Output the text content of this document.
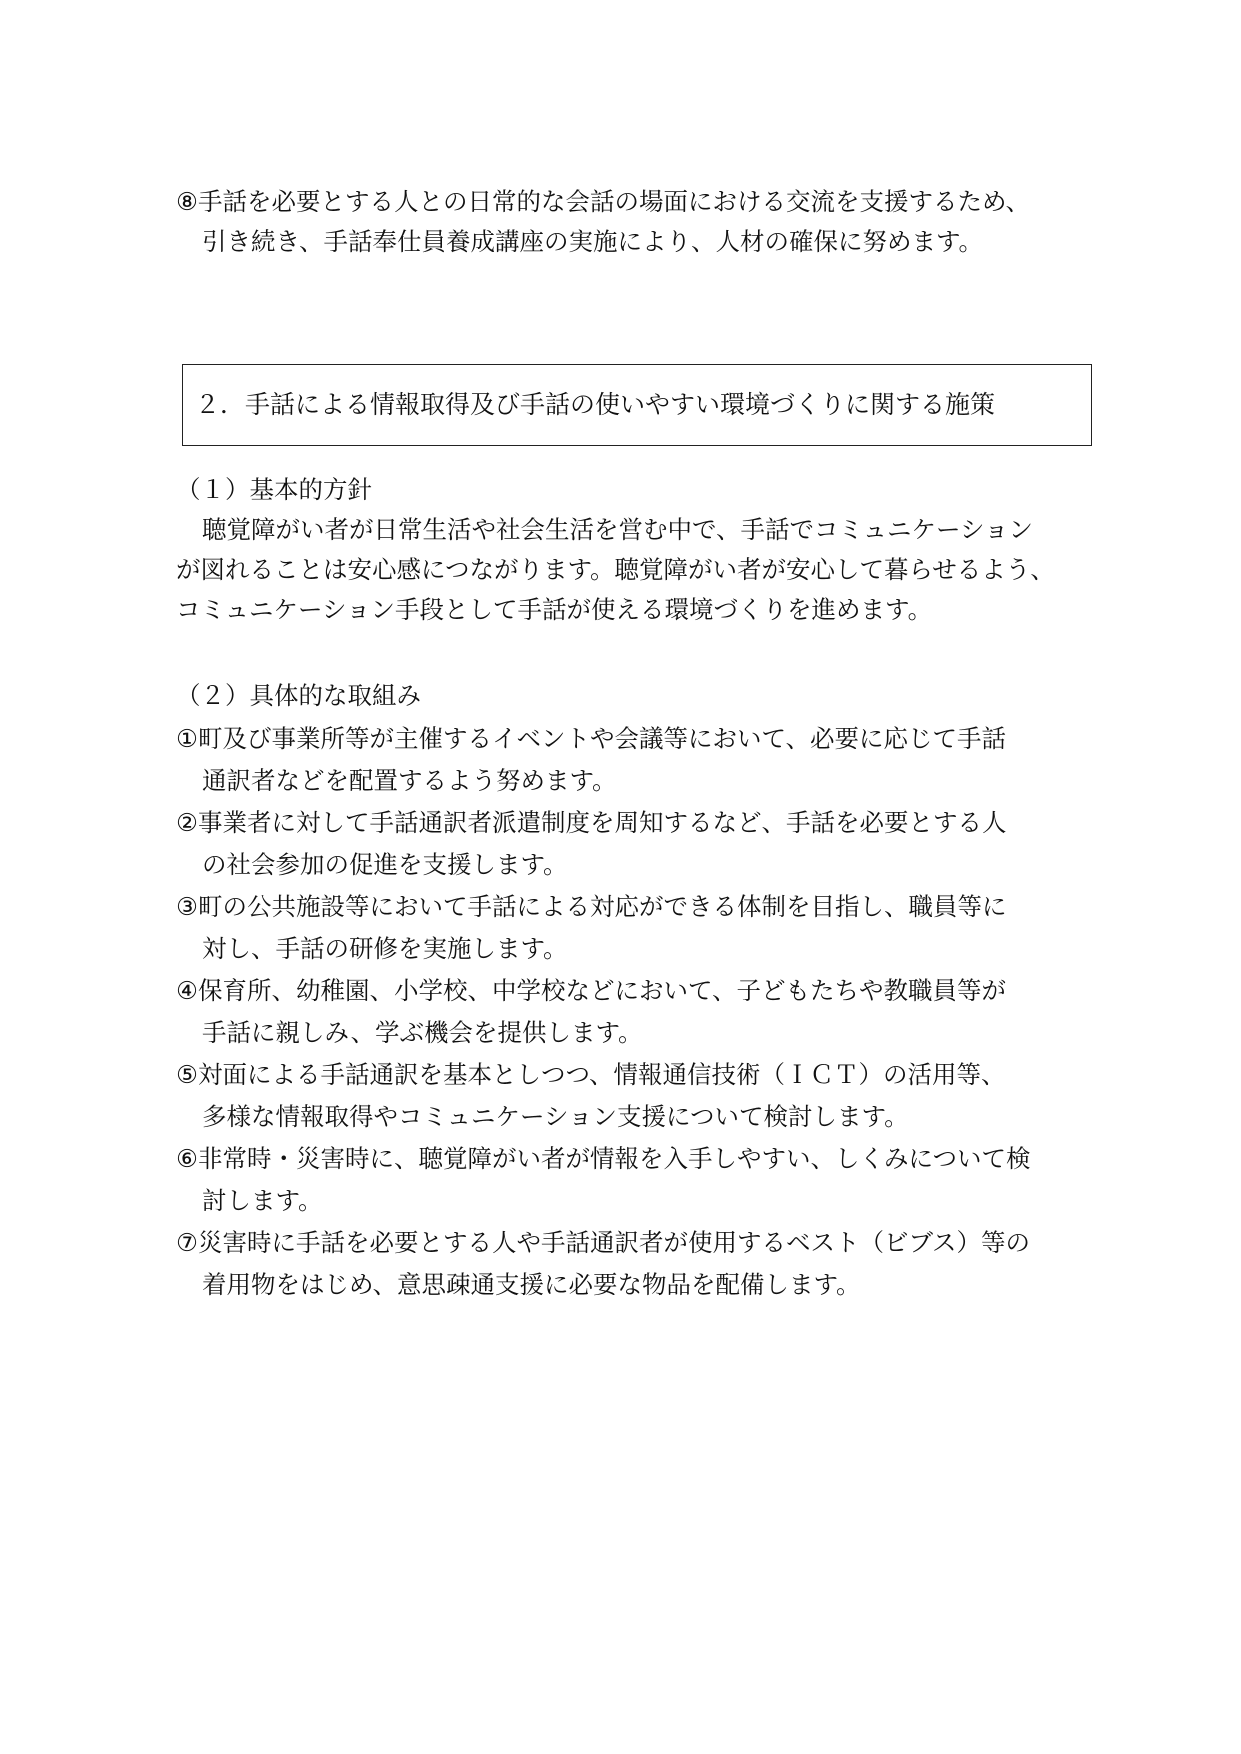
⑧手話を必要とする人との日常的な会話の場面における交流を支援するため、
引き続き、手話奉仕員養成講座の実施により、人材の確保に努めます。
２．手話による情報取得及び手話の使いやすい環境づくりに関する施策
（１）基本的方針
聴覚障がい者が日常生活や社会生活を営む中で、手話でコミュニケーション
が図れることは安心感につながります。聴覚障がい者が安心して暮らせるよう、
コミュニケーション手段として手話が使える環境づくりを進めます。
（２）具体的な取組み
①町及び事業所等が主催するイベントや会議等において、必要に応じて手話
通訳者などを配置するよう努めます。
②事業者に対して手話通訳者派遣制度を周知するなど、手話を必要とする人
の社会参加の促進を支援します。
③町の公共施設等において手話による対応ができる体制を目指し、職員等に
対し、手話の研修を実施します。
④保育所、幼稚園、小学校、中学校などにおいて、子どもたちや教職員等が
手話に親しみ、学ぶ機会を提供します。
⑤対面による手話通訳を基本としつつ、情報通信技術（ＩＣＴ）の活用等、
多様な情報取得やコミュニケーション支援について検討します。
⑥非常時・災害時に、聴覚障がい者が情報を入手しやすい、しくみについて検
討します。
⑦災害時に手話を必要とする人や手話通訳者が使用するベスト（ビブス）等の
着用物をはじめ、意思疎通支援に必要な物品を配備します。
